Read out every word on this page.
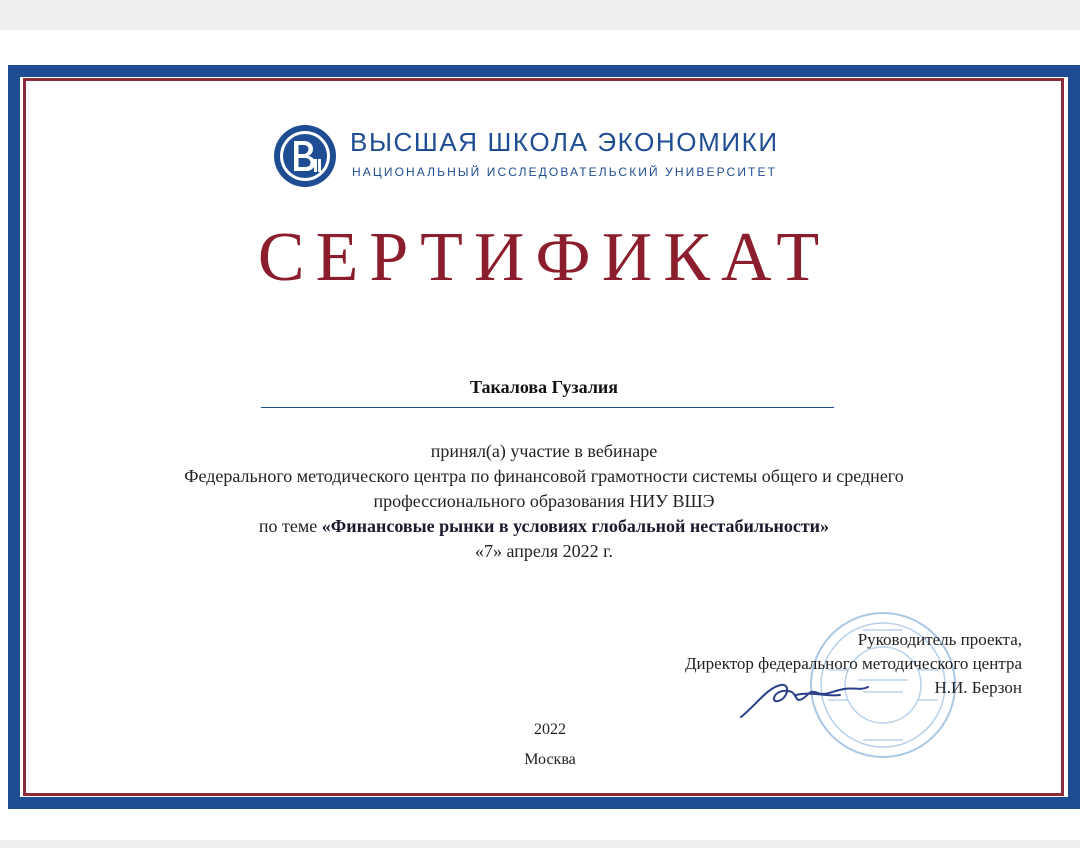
ВЫСШАЯ ШКОЛА ЭКОНОМИКИ
НАЦИОНАЛЬНЫЙ ИССЛЕДОВАТЕЛЬСКИЙ УНИВЕРСИТЕТ
СЕРТИФИКАТ
Такалова Гузалия
принял(а) участие в вебинаре
Федерального методического центра по финансовой грамотности системы общего и среднего
профессионального образования НИУ ВШЭ
по теме «Финансовые рынки в условиях глобальной нестабильности»
«7» апреля 2022 г.
Руководитель проекта,
Директор федерального методического центра
Н.И. Берзон
2022
Москва
